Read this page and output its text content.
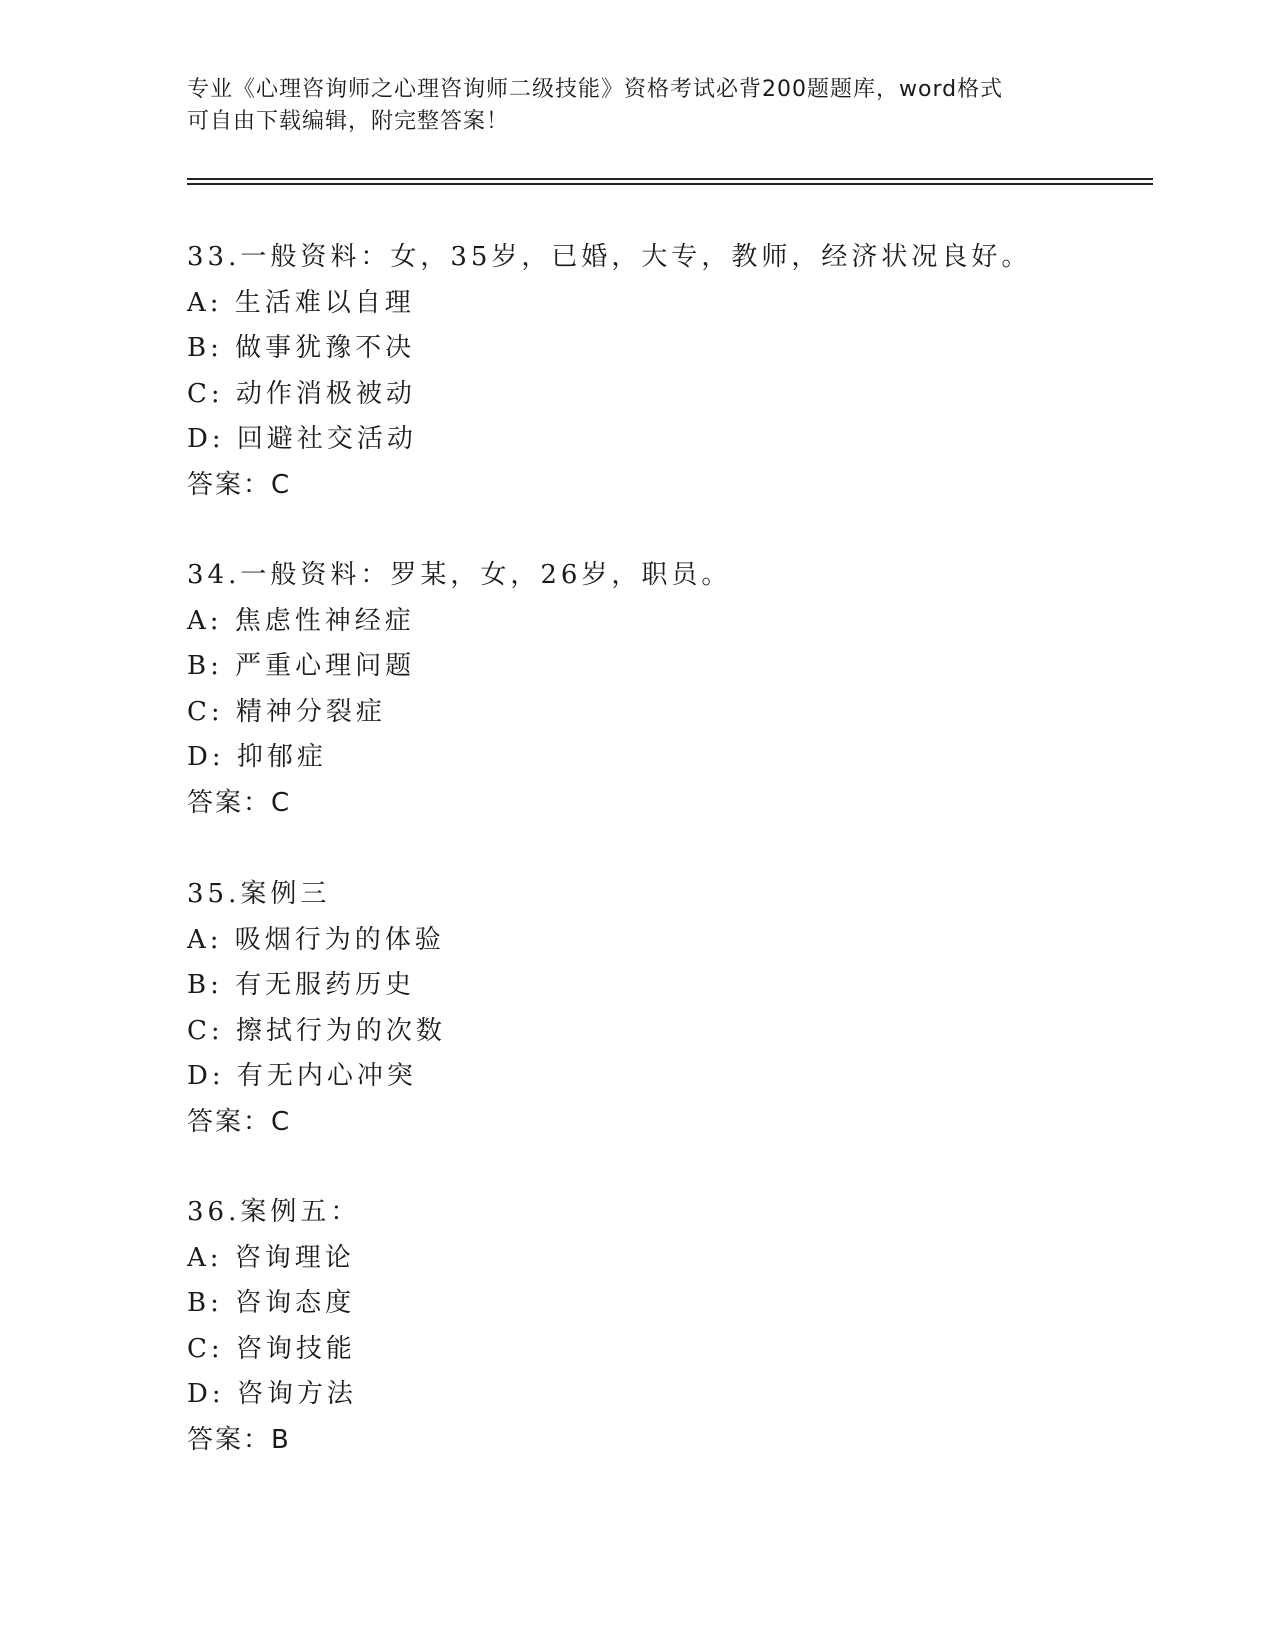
专业《心理咨询师之心理咨询师二级技能》资格考试必背200题题库，word格式
可自由下载编辑，附完整答案！
33.一般资料：女，35岁，已婚，大专，教师，经济状况良好。
A: 生活难以自理
B: 做事犹豫不决
C: 动作消极被动
D: 回避社交活动
答案：C
34.一般资料：罗某，女，26岁，职员。
A: 焦虑性神经症
B: 严重心理问题
C: 精神分裂症
D: 抑郁症
答案：C
35.案例三
A: 吸烟行为的体验
B: 有无服药历史
C: 擦拭行为的次数
D: 有无内心冲突
答案：C
36.案例五：
A: 咨询理论
B: 咨询态度
C: 咨询技能
D: 咨询方法
答案：B
